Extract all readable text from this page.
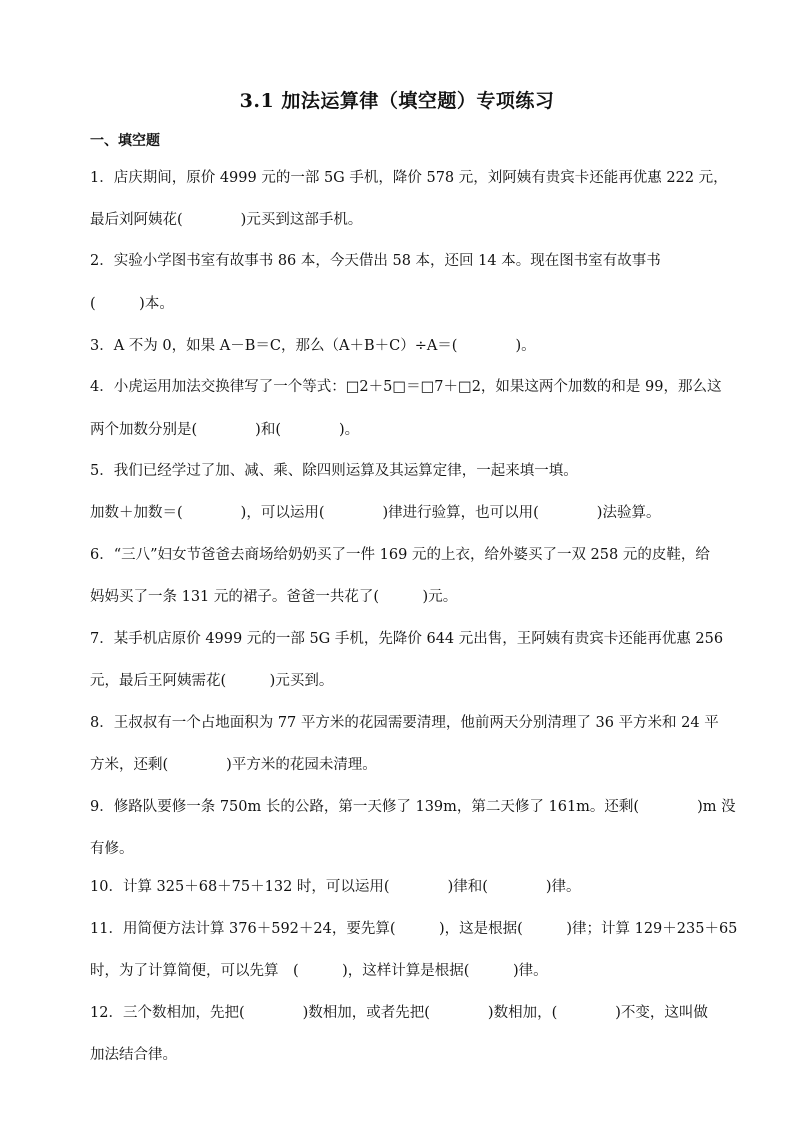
3.1 加法运算律（填空题）专项练习
一、填空题
1．店庆期间，原价 4999 元的一部 5G 手机，降价 578 元，刘阿姨有贵宾卡还能再优惠 222 元，
最后刘阿姨花(　　　　)元买到这部手机。
2．实验小学图书室有故事书 86 本，今天借出 58 本，还回 14 本。现在图书室有故事书
(　　　)本。
3．A 不为 0，如果 A－B＝C，那么（A＋B＋C）÷A＝(　　　　)。
4．小虎运用加法交换律写了一个等式：□2＋5□＝□7＋□2，如果这两个加数的和是 99，那么这
两个加数分别是(　　　　)和(　　　　)。
5．我们已经学过了加、减、乘、除四则运算及其运算定律，一起来填一填。
加数＋加数＝(　　　　)，可以运用(　　　　)律进行验算，也可以用(　　　　)法验算。
6．“三八”妇女节爸爸去商场给奶奶买了一件 169 元的上衣，给外婆买了一双 258 元的皮鞋，给
妈妈买了一条 131 元的裙子。爸爸一共花了(　　　)元。
7．某手机店原价 4999 元的一部 5G 手机，先降价 644 元出售，王阿姨有贵宾卡还能再优惠 256
元，最后王阿姨需花(　　　)元买到。
8．王叔叔有一个占地面积为 77 平方米的花园需要清理，他前两天分别清理了 36 平方米和 24 平
方米，还剩(　　　　)平方米的花园未清理。
9．修路队要修一条 750m 长的公路，第一天修了 139m，第二天修了 161m。还剩(　　　　)m 没
有修。
10．计算 325＋68＋75＋132 时，可以运用(　　　　)律和(　　　　)律。
11．用简便方法计算 376＋592＋24，要先算(　　　)，这是根据(　　　)律；计算 129＋235＋65
时，为了计算简便，可以先算　(　　　)，这样计算是根据(　　　)律。
12．三个数相加，先把(　　　　)数相加，或者先把(　　　　)数相加，(　　　　)不变，这叫做
加法结合律。
